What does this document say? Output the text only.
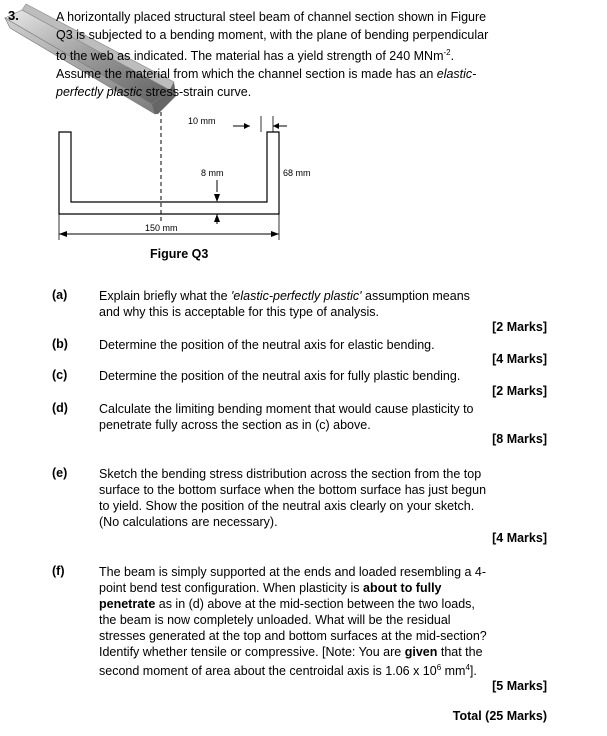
3.	A horizontally placed structural steel beam of channel section shown in Figure
Q3 is subjected to a bending moment, with the plane of bending perpendicular
to the web as indicated. The material has a yield strength of 240 MNm$^{-2}$.
Assume the material from which the channel section is made has an elastic-
perfectly plastic stress-strain curve.
10 mm
8 mm	68 mm
150 mm
Figure Q3
(a)	Explain briefly what the 'elastic-perfectly plastic' assumption means
and why this is acceptable for this type of analysis.
[2 Marks]
(b) Determine the position of the neutral axis for elastic bending.
[4 Marks]
(c)	Determine the position of the neutral axis for fully plastic bending.
[2 Marks]
(d) Calculate the limiting bending moment that would cause plasticity to
penetrate fully across the section as in (c) above.
[8 Marks]
(e)	Sketch the bending stress distribution across the section from the top
surface to the bottom surface when the bottom surface has just begun
to yield. Show the position of the neutral axis clearly on your sketch.
(No calculations are necessary).
[4 Marks]
(f)	The beam is simply supported at the ends and loaded resembling a 4-
point bend test configuration. When plasticity is about to fully
penetrate as in (d) above at the mid-section between the two loads,
the beam is now completely unloaded. What will be the residual
stresses generated at the top and bottom surfaces at the mid-section?
Identify whether tensile or compressive. [Note: You are given that the
second moment of area about the centroidal axis is 1.06 x $10^6$ $mm^4$].
[5 Marks]
Total (25 Marks)
